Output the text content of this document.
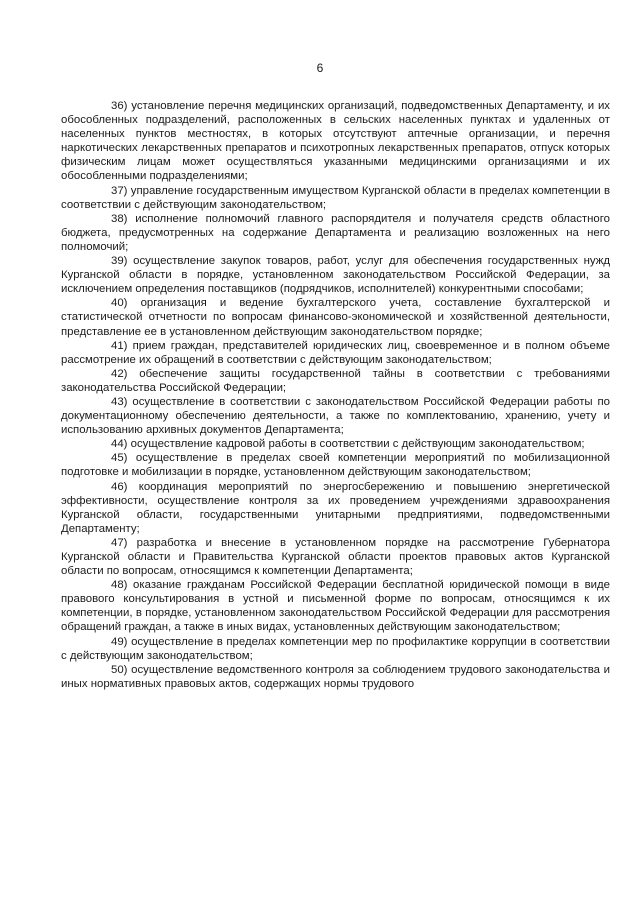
6

36) установление перечня медицинских организаций, подведомственных Департаменту, и их обособленных подразделений, расположенных в сельских населенных пунктах и удаленных от населенных пунктов местностях, в которых отсутствуют аптечные организации, и перечня наркотических лекарственных препаратов и психотропных лекарственных препаратов, отпуск которых физическим лицам может осуществляться указанными медицинскими организациями и их обособленными подразделениями;

37) управление государственным имуществом Курганской области в пределах компетенции в соответствии с действующим законодательством;

38) исполнение полномочий главного распорядителя и получателя средств областного бюджета, предусмотренных на содержание Департамента и реализацию возложенных на него полномочий;

39) осуществление закупок товаров, работ, услуг для обеспечения государственных нужд Курганской области в порядке, установленном законодательством Российской Федерации, за исключением определения поставщиков (подрядчиков, исполнителей) конкурентными способами;

40) организация и ведение бухгалтерского учета, составление бухгалтерской и статистической отчетности по вопросам финансово-экономической и хозяйственной деятельности, представление ее в установленном действующим законодательством порядке;

41) прием граждан, представителей юридических лиц, своевременное и в полном объеме рассмотрение их обращений в соответствии с действующим законодательством;

42) обеспечение защиты государственной тайны в соответствии с требованиями законодательства Российской Федерации;

43) осуществление в соответствии с законодательством Российской Федерации работы по документационному обеспечению деятельности, а также по комплектованию, хранению, учету и использованию архивных документов Департамента;

44) осуществление кадровой работы в соответствии с действующим законодательством;

45) осуществление в пределах своей компетенции мероприятий по мобилизационной подготовке и мобилизации в порядке, установленном действующим законодательством;

46) координация мероприятий по энергосбережению и повышению энергетической эффективности, осуществление контроля за их проведением учреждениями здравоохранения Курганской области, государственными унитарными предприятиями, подведомственными Департаменту;

47) разработка и внесение в установленном порядке на рассмотрение Губернатора Курганской области и Правительства Курганской области проектов правовых актов Курганской области по вопросам, относящимся к компетенции Департамента;

48) оказание гражданам Российской Федерации бесплатной юридической помощи в виде правового консультирования в устной и письменной форме по вопросам, относящимся к их компетенции, в порядке, установленном законодательством Российской Федерации для рассмотрения обращений граждан, а также в иных видах, установленных действующим законодательством;

49) осуществление в пределах компетенции мер по профилактике коррупции в соответствии с действующим законодательством;

50) осуществление ведомственного контроля за соблюдением трудового законодательства и иных нормативных правовых актов, содержащих нормы трудового
